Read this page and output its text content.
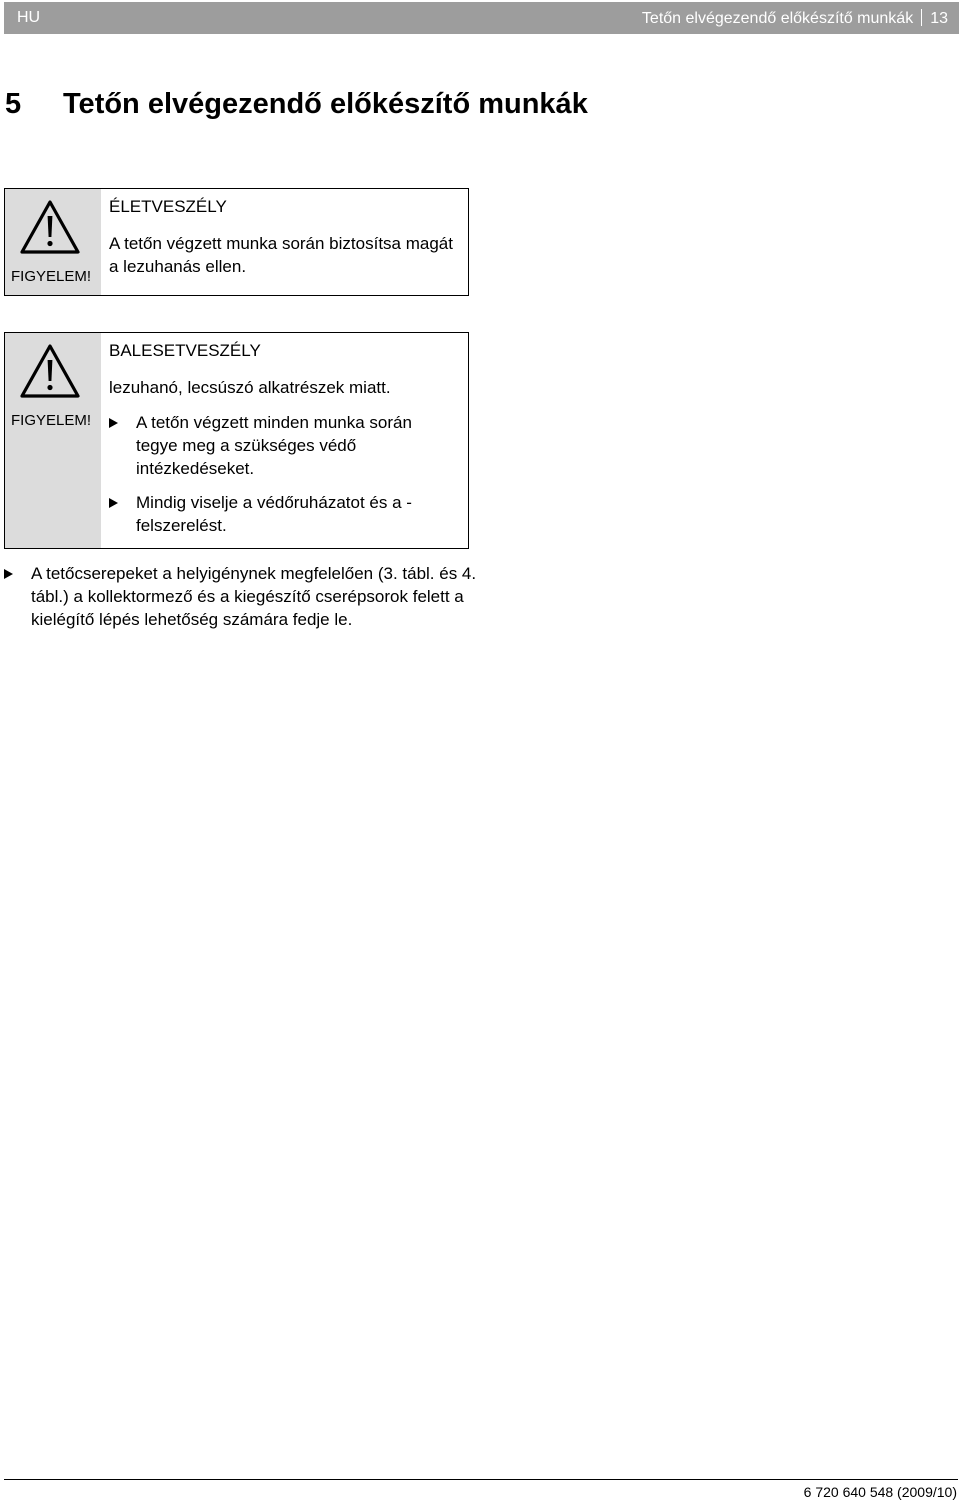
HU	Tetőn elvégezendő előkészítő munkák 13
5 Tetőn elvégezendő előkészítő munkák
FIGYELEM!
ÉLETVESZÉLY
A tetőn végzett munka során biztosítsa magát a lezuhanás ellen.
FIGYELEM!
BALESETVESZÉLY
lezuhanó, lecsúszó alkatrészek miatt.
A tetőn végzett minden munka során tegye meg a szükséges védő intézkedéseket.
Mindig viselje a védőruházatot és a -felszerelést.
A tetőcserepeket a helyigénynek megfelelően (3. tábl. és 4. tábl.) a kollektormező és a kiegészítő cserépsorok felett a kielégítő lépés lehetőség számára fedje le.
6 720 640 548 (2009/10)
